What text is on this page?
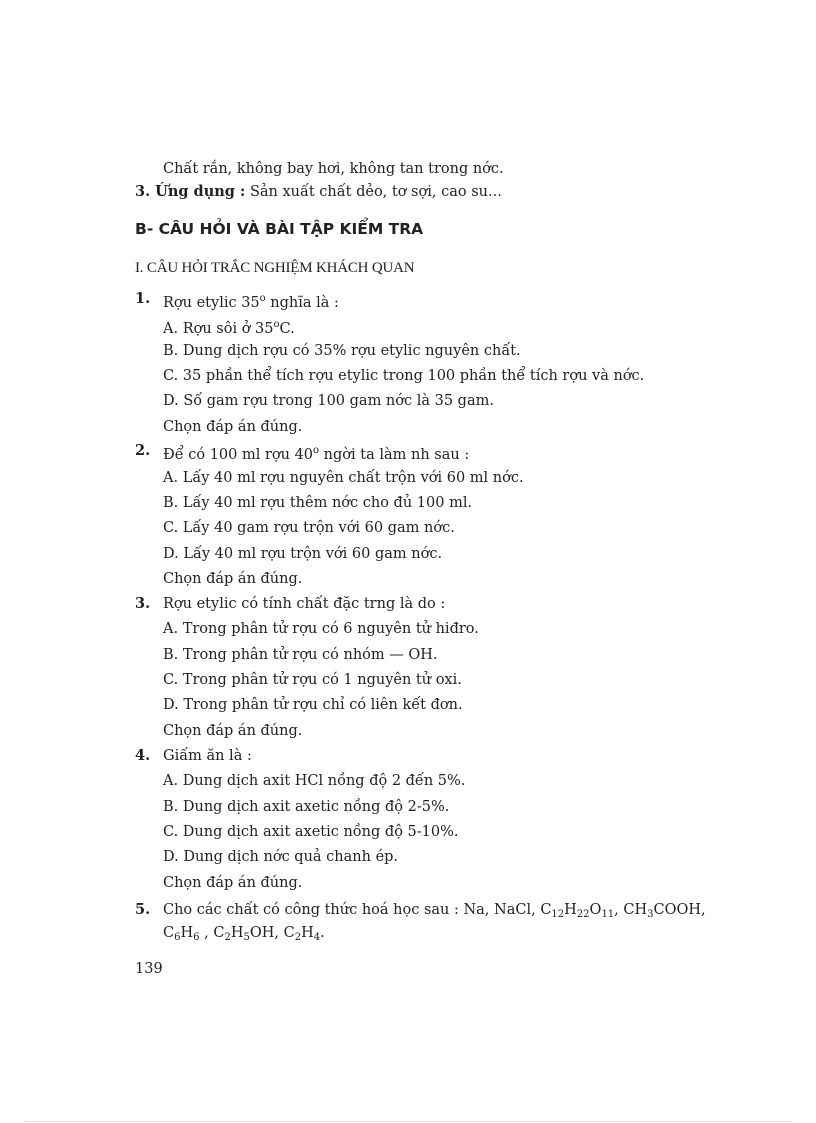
Chất rắn, không bay hơi, không tan trong nớc.
3. Ứng dụng : Sản xuất chất dẻo, tơ sợi, cao su...
B- CÂU HỎI VÀ BÀI TẬP KIỂM TRA
I. CÂU HỎI TRẮC NGHIỆM KHÁCH QUAN
1. Rợu etylic 35$^o$ nghĩa là :
A. Rợu sôi ở 35$^o$C.
B. Dung dịch rợu có 35% rợu etylic nguyên chất.
C. 35 phần thể tích rợu etylic trong 100 phần thể tích rợu và nớc.
D. Số gam rợu trong 100 gam nớc là 35 gam.
Chọn đáp án đúng.
2. Để có 100 ml rợu 40$^o$ ngời ta làm nh sau :
A. Lấy 40 ml rợu nguyên chất trộn với 60 ml nớc.
B. Lấy 40 ml rợu thêm nớc cho đủ 100 ml.
C. Lấy 40 gam rợu trộn với 60 gam nớc.
D. Lấy 40 ml rợu trộn với 60 gam nớc.
Chọn đáp án đúng.
3. Rợu etylic có tính chất đặc trng là do :
A. Trong phân tử rợu có 6 nguyên tử hiđro.
B. Trong phân tử rợu có nhóm — OH.
C. Trong phân tử rợu có 1 nguyên tử oxi.
D. Trong phân tử rợu chỉ có liên kết đơn.
Chọn đáp án đúng.
4. Giấm ăn là :
A. Dung dịch axit HCl nồng độ 2 đến 5%.
B. Dung dịch axit axetic nồng độ 2-5%.
C. Dung dịch axit axetic nồng độ 5-10%.
D. Dung dịch nớc quả chanh ép.
Chọn đáp án đúng.
5. Cho các chất có công thức hoá học sau : Na, NaCl, $C_{12}H_{22}O_{11}$, $CH_3COOH$,
$C_6H_6$ , $C_2H_5OH$, $C_2H_4$.
139
